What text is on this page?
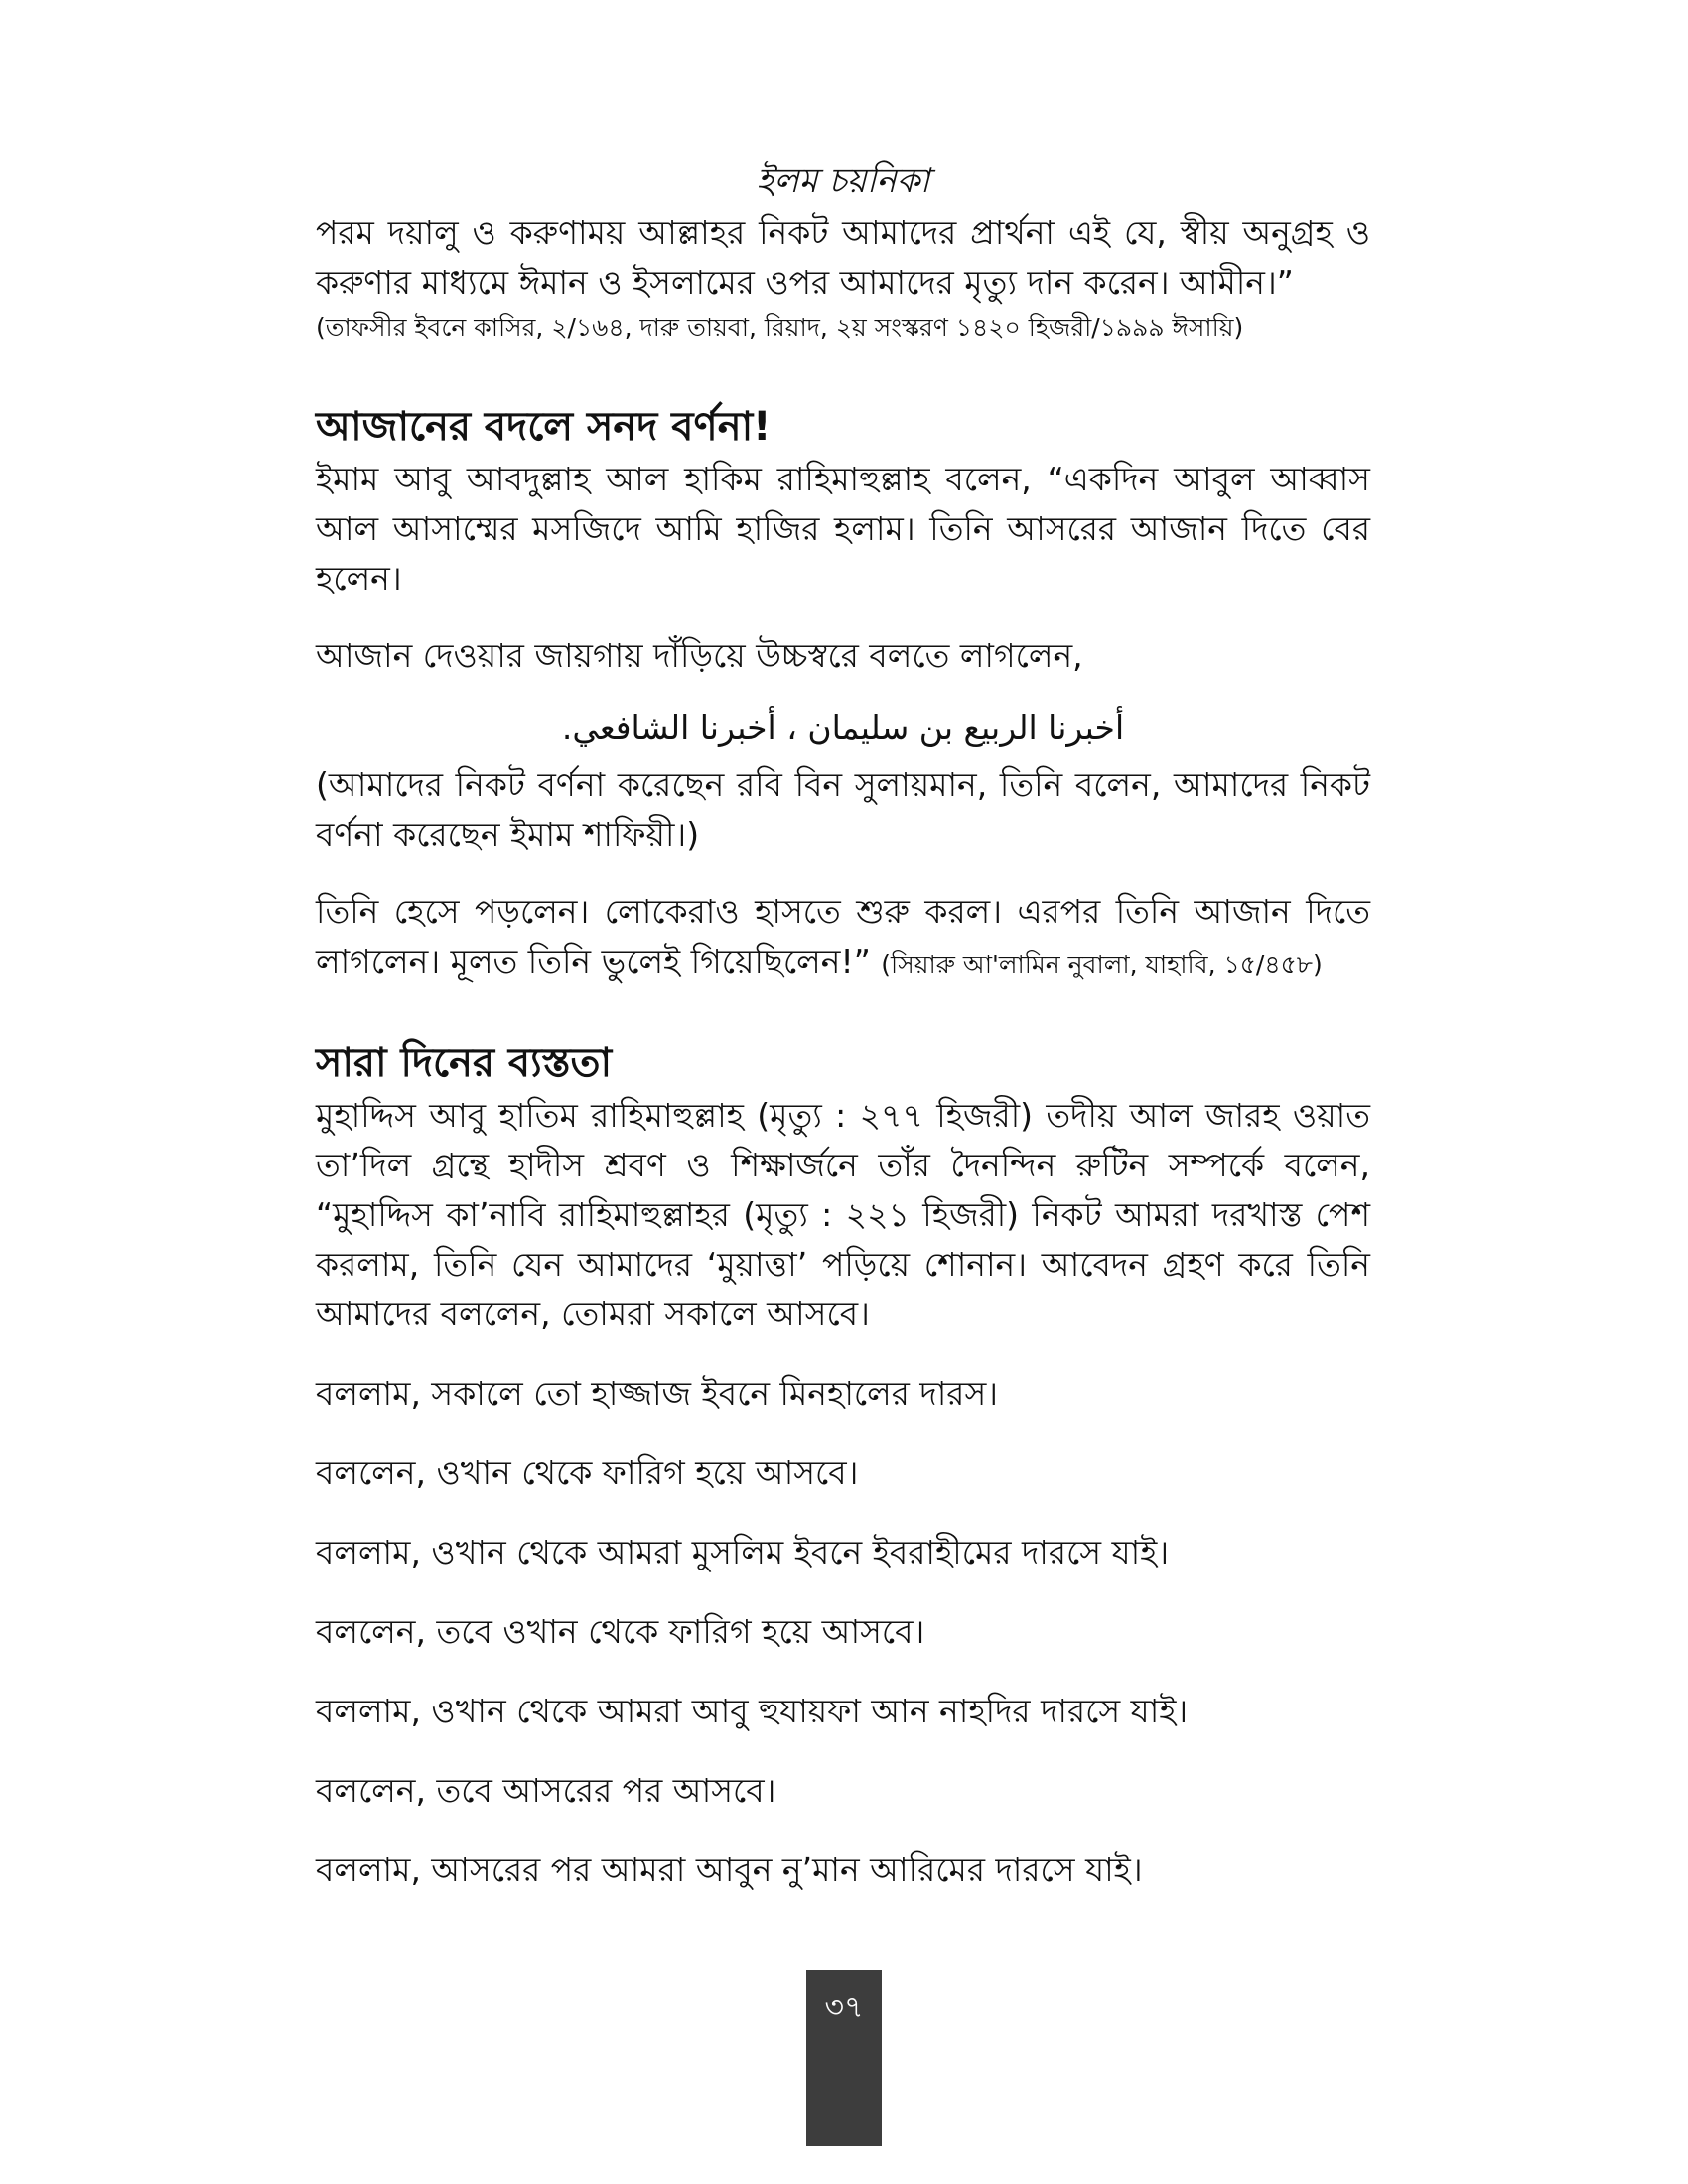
ইলম চয়নিকা

পরম দয়ালু ও করুণাময় আল্লাহর নিকট আমাদের প্রার্থনা এই যে, স্বীয় অনুগ্রহ ও করুণার মাধ্যমে ঈমান ও ইসলামের ওপর আমাদের মৃত্যু দান করেন। আমীন।”

(তাফসীর ইবনে কাসির, ২/১৬৪, দারু তায়বা, রিয়াদ, ২য় সংস্করণ ১৪২০ হিজরী/১৯৯৯ ঈসায়ি)

আজানের বদলে সনদ বর্ণনা!

ইমাম আবু আবদুল্লাহ আল হাকিম রাহিমাহুল্লাহ বলেন, “একদিন আবুল আব্বাস আল আসাম্মের মসজিদে আমি হাজির হলাম। তিনি আসরের আজান দিতে বের হলেন।

আজান দেওয়ার জায়গায় দাঁড়িয়ে উচ্চস্বরে বলতে লাগলেন,

أخبرنا الربيع بن سليمان ، أخبرنا الشافعي.

(আমাদের নিকট বর্ণনা করেছেন রবি বিন সুলায়মান, তিনি বলেন, আমাদের নিকট বর্ণনা করেছেন ইমাম শাফিয়ী।)

তিনি হেসে পড়লেন। লোকেরাও হাসতে শুরু করল। এরপর তিনি আজান দিতে লাগলেন। মূলত তিনি ভুলেই গিয়েছিলেন!” (সিয়ারু আ'লামিন নুবালা, যাহাবি, ১৫/৪৫৮)

সারা দিনের ব্যস্ততা

মুহাদ্দিস আবু হাতিম রাহিমাহুল্লাহ (মৃত্যু : ২৭৭ হিজরী) তদীয় আল জারহ ওয়াত তা’দিল গ্রন্থে হাদীস শ্রবণ ও শিক্ষার্জনে তাঁর দৈনন্দিন রুটিন সম্পর্কে বলেন, “মুহাদ্দিস কা’নাবি রাহিমাহুল্লাহর (মৃত্যু : ২২১ হিজরী) নিকট আমরা দরখাস্ত পেশ করলাম, তিনি যেন আমাদের ‘মুয়াত্তা’ পড়িয়ে শোনান। আবেদন গ্রহণ করে তিনি আমাদের বললেন, তোমরা সকালে আসবে।

বললাম, সকালে তো হাজ্জাজ ইবনে মিনহালের দারস।

বললেন, ওখান থেকে ফারিগ হয়ে আসবে।

বললাম, ওখান থেকে আমরা মুসলিম ইবনে ইবরাহীমের দারসে যাই।

বললেন, তবে ওখান থেকে ফারিগ হয়ে আসবে।

বললাম, ওখান থেকে আমরা আবু হুযায়ফা আন নাহদির দারসে যাই।

বললেন, তবে আসরের পর আসবে।

বললাম, আসরের পর আমরা আবুন নু’মান আরিমের দারসে যাই।

৩৭
